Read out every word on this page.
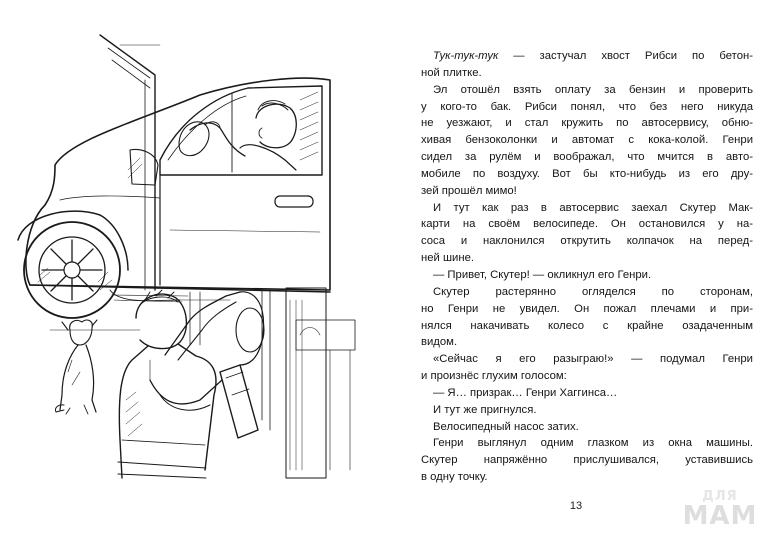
Тук-тук-тук — застучал хвост Рибси по бетон-
ной плитке.
Эл отошёл взять оплату за бензин и проверить
у кого-то бак. Рибси понял, что без него никуда
не уезжают, и стал кружить по автосервису, обню-
хивая бензоколонки и автомат с кока-колой. Генри
сидел за рулём и воображал, что мчится в авто-
мобиле по воздуху. Вот бы кто-нибудь из его дру-
зей прошёл мимо!
И тут как раз в автосервис заехал Скутер Мак-
карти на своём велосипеде. Он остановился у на-
соса и наклонился открутить колпачок на перед-
ней шине.
— Привет, Скутер! — окликнул его Генри.
Скутер растерянно огляделся по сторонам,
но Генри не увидел. Он пожал плечами и при-
нялся накачивать колесо с крайне озадаченным
видом.
«Сейчас я его разыграю!» — подумал Генри
и произнёс глухим голосом:
— Я… призрак… Генри Хаггинса…
И тут же пригнулся.
Велосипедный насос затих.
Генри выглянул одним глазком из окна машины.
Скутер напряжённо прислушивался, уставившись
в одну точку.
13
ДЛЯ
МАМ
